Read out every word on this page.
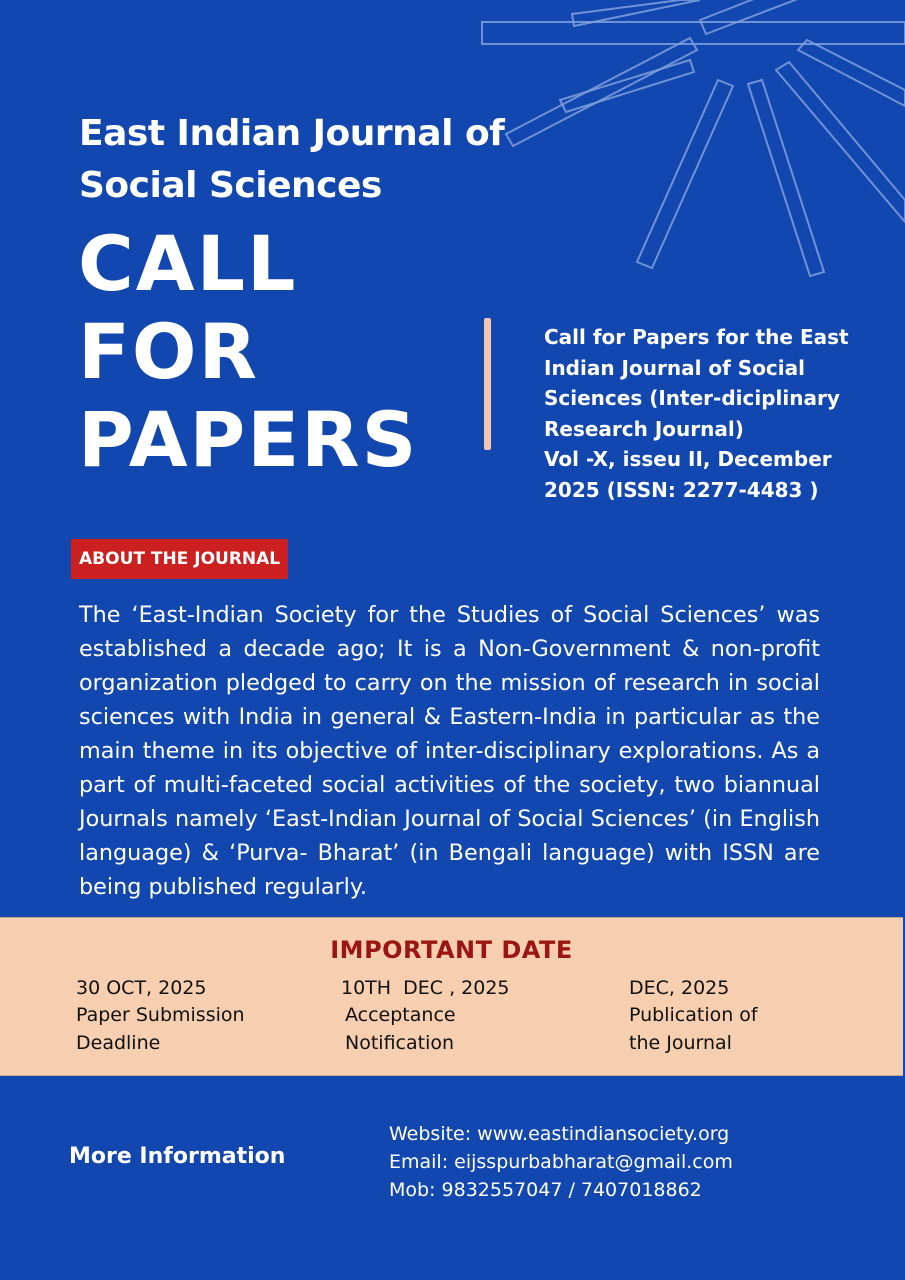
East Indian Journal of
Social Sciences
CALL
FOR
PAPERS
Call for Papers for the East
Indian Journal of Social
Sciences (Inter-diciplinary
Research Journal)
Vol -X, isseu II, December
2025 (ISSN: 2277-4483 )
ABOUT THE JOURNAL
The ‘East-Indian Society for the Studies of Social Sciences’ was established a decade ago; It is a Non-Government & non-profit organization pledged to carry on the mission of research in social sciences with India in general & Eastern-India in particular as the main theme in its objective of inter-disciplinary explorations. As a part of multi-faceted social activities of the society, two biannual Journals namely ‘East-Indian Journal of Social Sciences’ (in English language) & ‘Purva- Bharat’ (in Bengali language) with ISSN are being published regularly.
IMPORTANT DATE
30 OCT, 2025
Paper Submission
Deadline
10TH  DEC , 2025
Acceptance
Notification
DEC, 2025
Publication of
the Journal
More Information
Website: www.eastindiansociety.org
Email: eijsspurbabharat@gmail.com
Mob: 9832557047 / 7407018862
